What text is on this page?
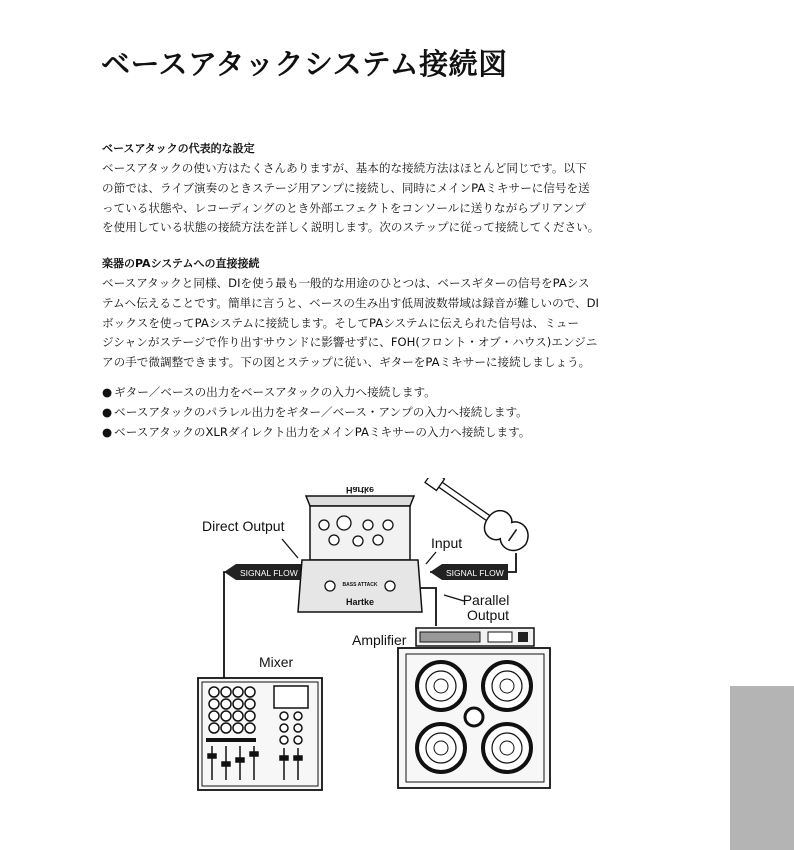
ベースアタックシステム接続図
ベースアタックの代表的な設定

ベースアタックの使い方はたくさんありますが、基本的な接続方法はほとんど同じです。以下

の節では、ライブ演奏のときステージ用アンプに接続し、同時にメインPAミキサーに信号を送

っている状態や、レコーディングのとき外部エフェクトをコンソールに送りながらプリアンプ

を使用している状態の接続方法を詳しく説明します。次のステップに従って接続してください。

楽器のPAシステムへの直接接続

ベースアタックと同様、DIを使う最も一般的な用途のひとつは、ベースギターの信号をPAシス

テムへ伝えることです。簡単に言うと、ベースの生み出す低周波数帯域は録音が難しいので、DI

ボックスを使ってPAシステムに接続します。そしてPAシステムに伝えられた信号は、ミュー

ジシャンがステージで作り出すサウンドに影響せずに、FOH(フロント・オブ・ハウス)エンジニ

アの手で微調整できます。下の図とステップに従い、ギターをPAミキサーに接続しましょう。

● ギター／ベースの出力をベースアタックの入力へ接続します。
● ベースアタックのパラレル出力をギター／ベース・アンプの入力へ接続します。
● ベースアタックのXLRダイレクト出力をメインPAミキサーの入力へ接続します。
SIGNAL FLOW	SIGNAL FLOW
Hartke
BASS ATTACK
Hartke
Direct Output
Input
Parallel Output
Amplifier
Mixer
